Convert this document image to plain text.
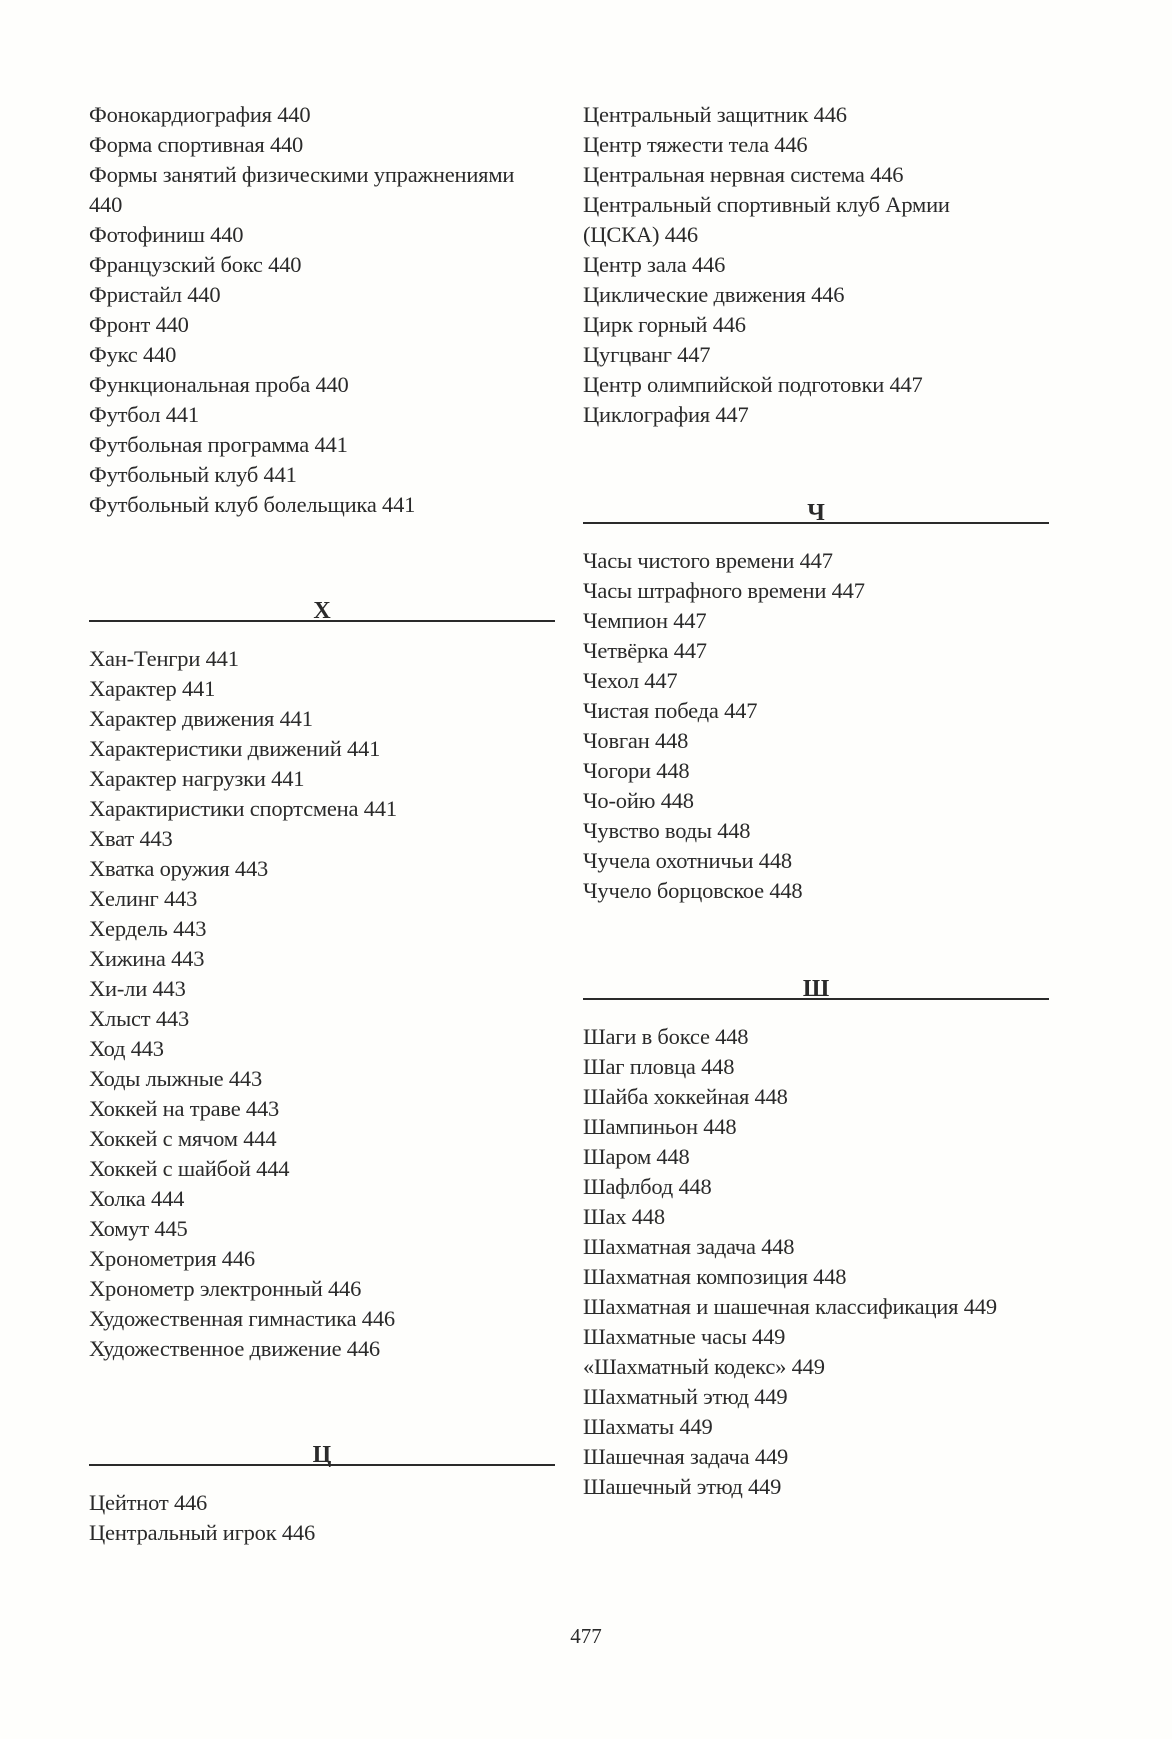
Фонокардиография 440
Форма спортивная 440
Формы занятий физическими упражнениями 440
Фотофиниш 440
Французский бокс 440
Фристайл 440
Фронт 440
Фукс 440
Функциональная проба 440
Футбол 441
Футбольная программа 441
Футбольный клуб 441
Футбольный клуб болельщика 441
Х
Хан-Тенгри 441
Характер 441
Характер движения 441
Характеристики движений 441
Характер нагрузки 441
Характиристики спортсмена 441
Хват 443
Хватка оружия 443
Хелинг 443
Хердель 443
Хижина 443
Хи-ли 443
Хлыст 443
Ход 443
Ходы лыжные 443
Хоккей на траве 443
Хоккей с мячом 444
Хоккей с шайбой 444
Холка 444
Хомут 445
Хронометрия 446
Хронометр электронный 446
Художественная гимнастика 446
Художественное движение 446
Ц
Цейтнот 446
Центральный игрок 446
Центральный защитник 446
Центр тяжести тела 446
Центральная нервная система 446
Центральный спортивный клуб Армии (ЦСКА) 446
Центр зала 446
Циклические движения 446
Цирк горный 446
Цугцванг 447
Центр олимпийской подготовки 447
Циклография 447
Ч
Часы чистого времени 447
Часы штрафного времени 447
Чемпион 447
Четвёрка 447
Чехол 447
Чистая победа 447
Човган 448
Чогори 448
Чо-ойю 448
Чувство воды 448
Чучела охотничьи 448
Чучело борцовское 448
Ш
Шаги в боксе 448
Шаг пловца 448
Шайба хоккейная 448
Шампиньон 448
Шаром 448
Шафлбод 448
Шах 448
Шахматная задача 448
Шахматная композиция 448
Шахматная и шашечная классификация 449
Шахматные часы 449
«Шахматный кодекс» 449
Шахматный этюд 449
Шахматы 449
Шашечная задача 449
Шашечный этюд 449
477
